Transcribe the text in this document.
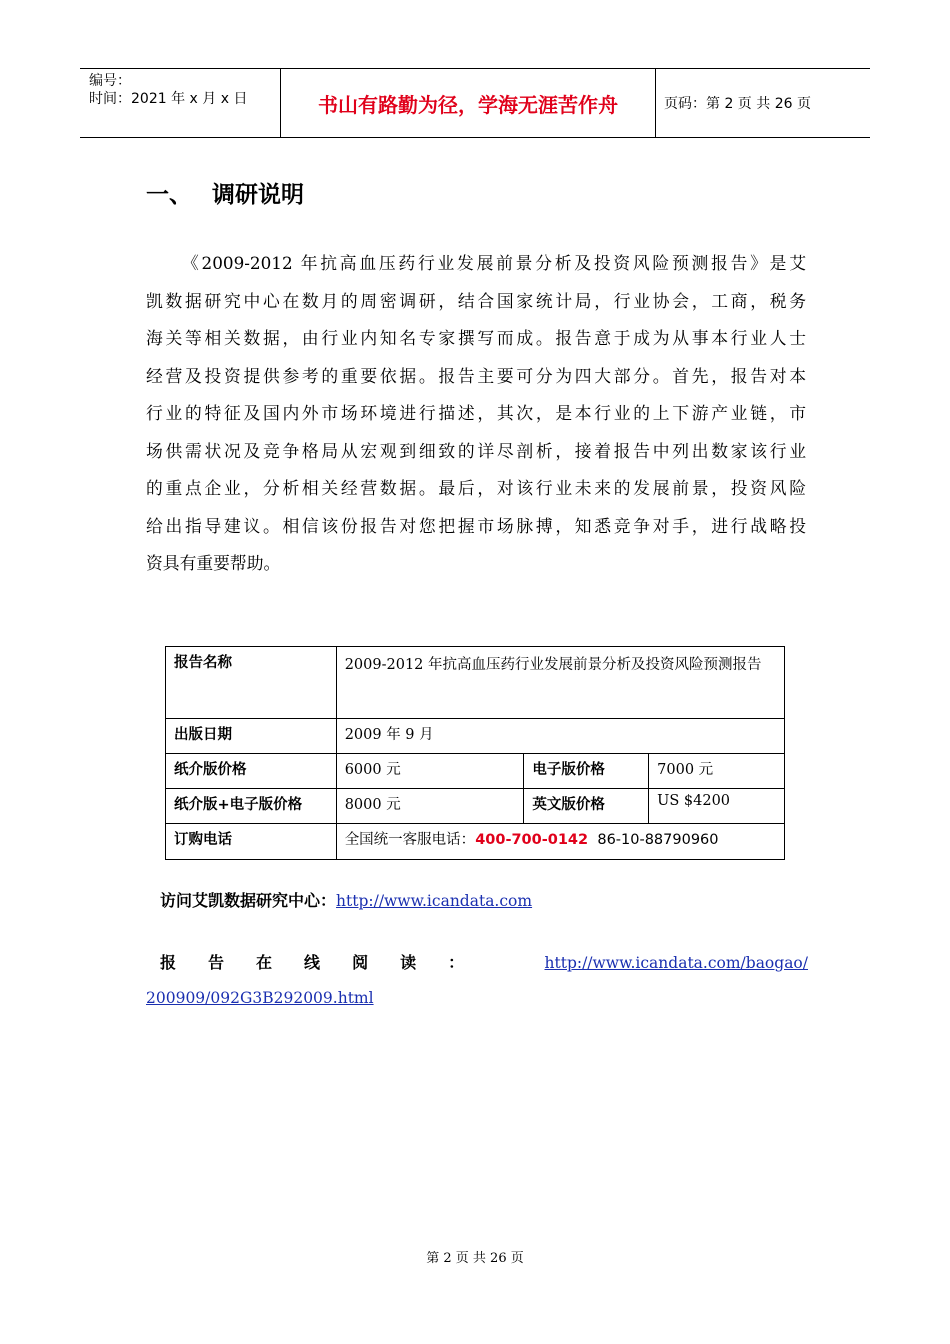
编号：
时间：2021 年 x 月 x 日	书山有路勤为径，学海无涯苦作舟	页码：第 2 页 共 26 页
一、 调研说明
《2009-2012 年抗高血压药行业发展前景分析及投资风险预测报告》是艾
凯数据研究中心在数月的周密调研，结合国家统计局，行业协会，工商，税务
海关等相关数据，由行业内知名专家撰写而成。报告意于成为从事本行业人士
经营及投资提供参考的重要依据。报告主要可分为四大部分。首先，报告对本
行业的特征及国内外市场环境进行描述，其次，是本行业的上下游产业链，市
场供需状况及竞争格局从宏观到细致的详尽剖析，接着报告中列出数家该行业
的重点企业，分析相关经营数据。最后，对该行业未来的发展前景，投资风险
给出指导建议。相信该份报告对您把握市场脉搏，知悉竞争对手，进行战略投
资具有重要帮助。
报告名称	2009-2012 年抗高血压药行业发展前景分析及投资风险预测报告		
出版日期	2009 年 9 月		
纸介版价格	6000 元	电子版价格	7000 元
纸介版+电子版价格	8000 元	英文版价格	US $4200
订购电话	全国统一客服电话：400-700-0142 86-10-88790960		
访问艾凯数据研究中心：http://www.icandata.com
报 告 在 线 阅 读 ：	http://www.icandata.com/baogao/
200909/092G3B292009.html
第 2 页 共 26 页
